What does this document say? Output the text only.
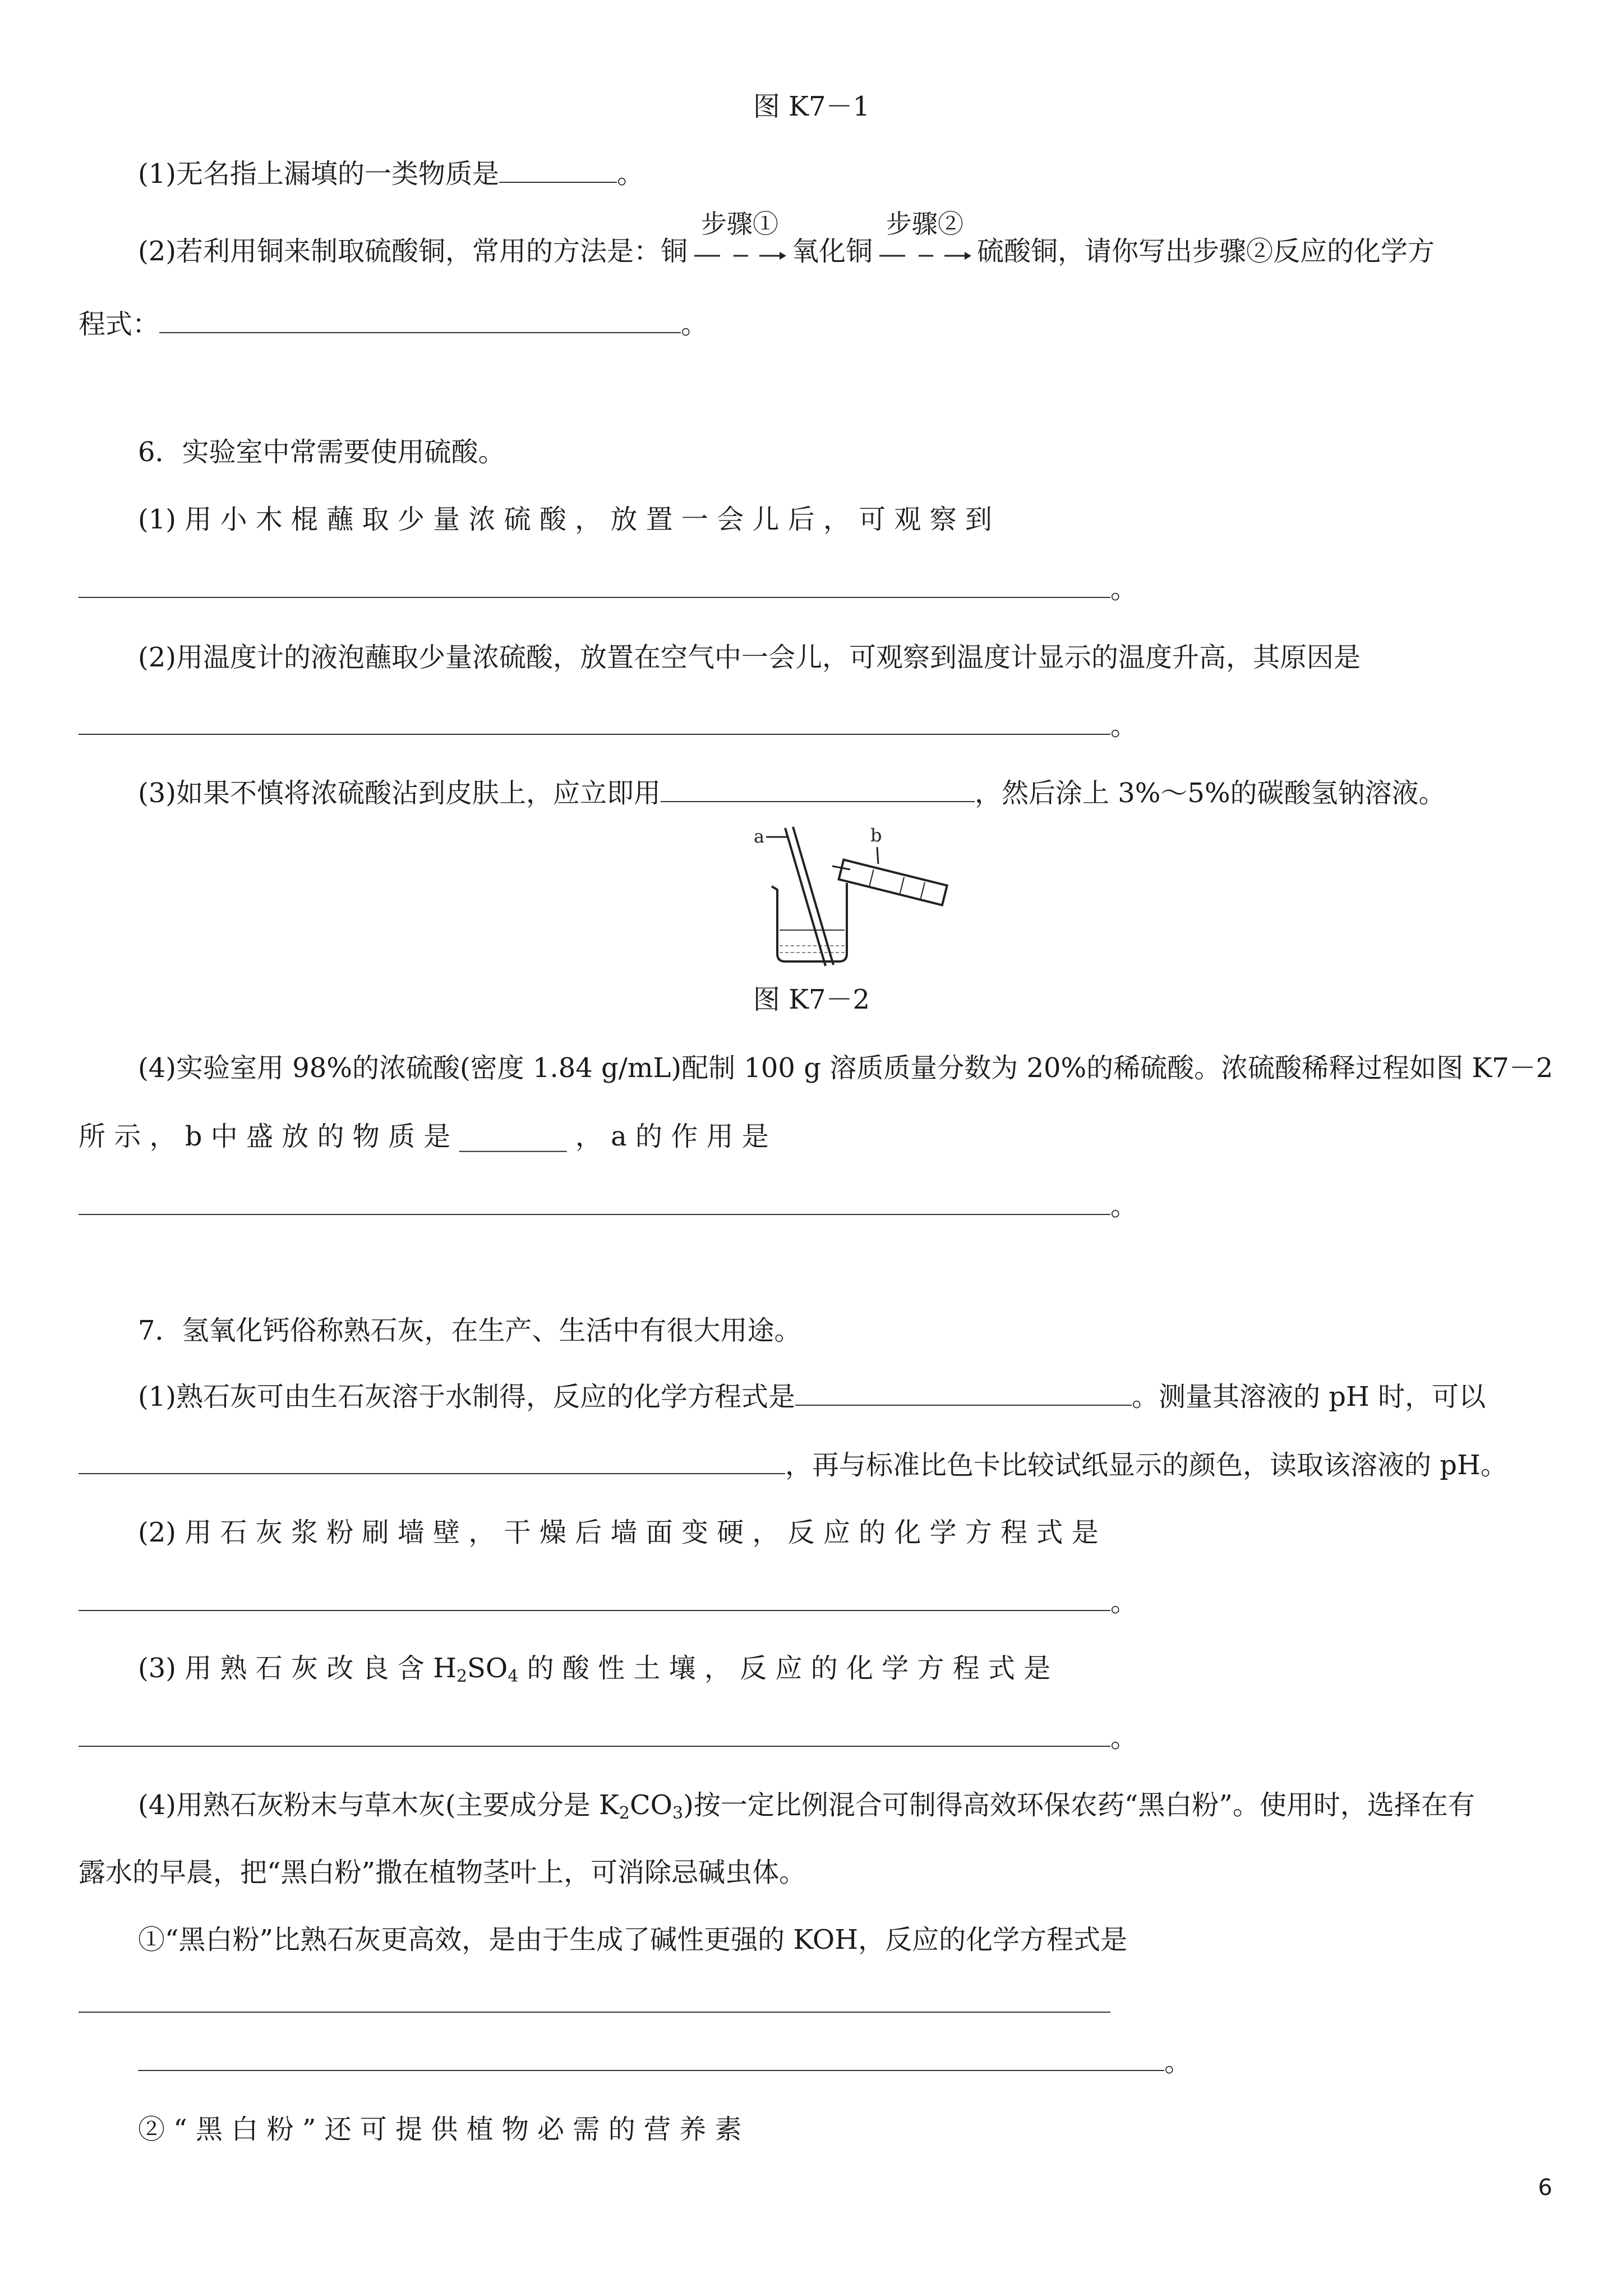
图 K7－1
(1)无名指上漏填的一类物质是	。
(2)若利用铜来制取硫酸铜，常用的方法是：铜
步骤①
氧化铜
步骤②
硫酸铜，请你写出步骤②反应的化学方
程式：	。
6．实验室中常需要使用硫酸。
(1) 用 小 木 棍 蘸 取 少 量 浓 硫 酸 ， 放 置 一 会 儿 后 ， 可 观 察 到
。
(2)用温度计的液泡蘸取少量浓硫酸，放置在空气中一会儿，可观察到温度计显示的温度升高，其原因是
。
(3)如果不慎将浓硫酸沾到皮肤上，应立即用	，然后涂上 3%～5%的碳酸氢钠溶液。
a	b
图 K7－2
(4)实验室用 98%的浓硫酸(密度 1.84 g/mL)配制 100 g 溶质质量分数为 20%的稀硫酸。浓硫酸稀释过程如图 K7－2
所 示 ， b 中 盛 放 的 物 质 是 ________ ， a 的 作 用 是
。
7．氢氧化钙俗称熟石灰，在生产、生活中有很大用途。
(1)熟石灰可由生石灰溶于水制得，反应的化学方程式是	。测量其溶液的 pH 时，可以
，再与标准比色卡比较试纸显示的颜色，读取该溶液的 pH。
(2) 用 石 灰 浆 粉 刷 墙 壁 ， 干 燥 后 墙 面 变 硬 ， 反 应 的 化 学 方 程 式 是
。
(3) 用 熟 石 灰 改 良 含 $H_2SO_4$ 的 酸 性 土 壤 ， 反 应 的 化 学 方 程 式 是
。
(4)用熟石灰粉末与草木灰(主要成分是 $K_2CO_3$)按一定比例混合可制得高效环保农药“黑白粉”。使用时，选择在有
露水的早晨，把“黑白粉”撒在植物茎叶上，可消除忌碱虫体。
①“黑白粉”比熟石灰更高效，是由于生成了碱性更强的 KOH，反应的化学方程式是
。
② “ 黑 白 粉 ” 还 可 提 供 植 物 必 需 的 营 养 素
6
